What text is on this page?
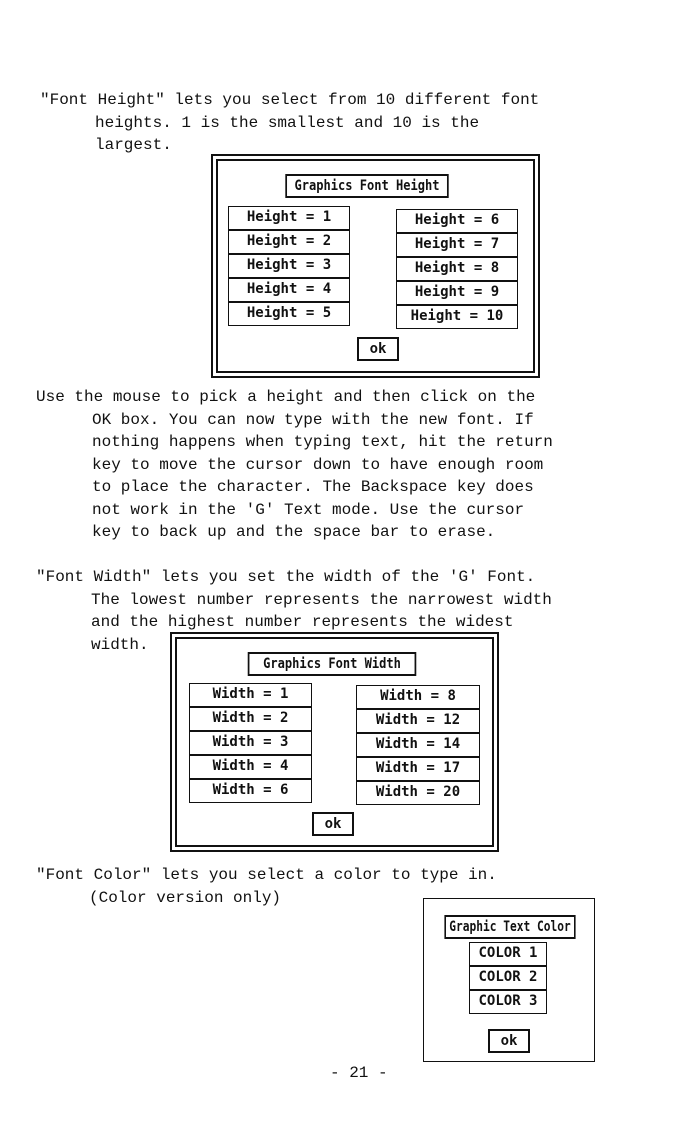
"Font Height" lets you select from 10 different font
heights. 1 is the smallest and 10 is the
largest.
Graphics Font Height
Height = 1
Height = 2
Height = 3
Height = 4
Height = 5
Height = 6
Height = 7
Height = 8
Height = 9
Height = 10
ok
Use the mouse to pick a height and then click on the
OK box. You can now type with the new font. If
nothing happens when typing text, hit the return
key to move the cursor down to have enough room
to place the character. The Backspace key does
not work in the 'G' Text mode. Use the cursor
key to back up and the space bar to erase.
"Font Width" lets you set the width of the 'G' Font.
The lowest number represents the narrowest width
and the highest number represents the widest
width.
Graphics Font Width
Width = 1
Width = 2
Width = 3
Width = 4
Width = 6
Width = 8
Width = 12
Width = 14
Width = 17
Width = 20
ok
"Font Color" lets you select a color to type in.
(Color version only)
Graphic Text Color
COLOR 1
COLOR 2
COLOR 3
ok
- 21 -
